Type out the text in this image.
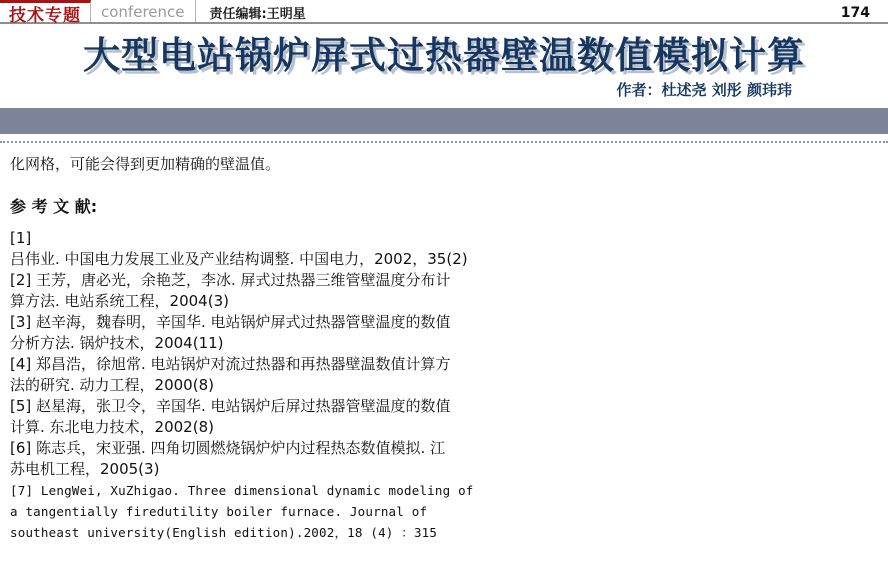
技术专题 conference	责任编辑:王明星	174
大型电站锅炉屏式过热器壁温数值模拟计算
作者：杜述尧 刘彤 颜玮玮

化网格，可能会得到更加精确的壁温值。

参 考 文 献:
[1]
吕伟业. 中国电力发展工业及产业结构调整. 中国电力，2002，35(2)
[2] 王芳，唐必光，余艳芝，李冰. 屏式过热器三维管壁温度分布计
算方法. 电站系统工程，2004(3)
[3] 赵辛海，魏春明，辛国华. 电站锅炉屏式过热器管壁温度的数值
分析方法. 锅炉技术，2004(11)
[4] 郑昌浩，徐旭常. 电站锅炉对流过热器和再热器壁温数值计算方
法的研究. 动力工程，2000(8)
[5] 赵星海，张卫令，辛国华. 电站锅炉后屏过热器管壁温度的数值
计算. 东北电力技术，2002(8)
[6] 陈志兵，宋亚强. 四角切圆燃烧锅炉炉内过程热态数值模拟. 江
苏电机工程，2005(3)
[7] LengWei, XuZhigao. Three dimensional dynamic modeling of
a tangentially firedutility boiler furnace. Journal of
southeast university(English edition).2002，18 (4) ：315
